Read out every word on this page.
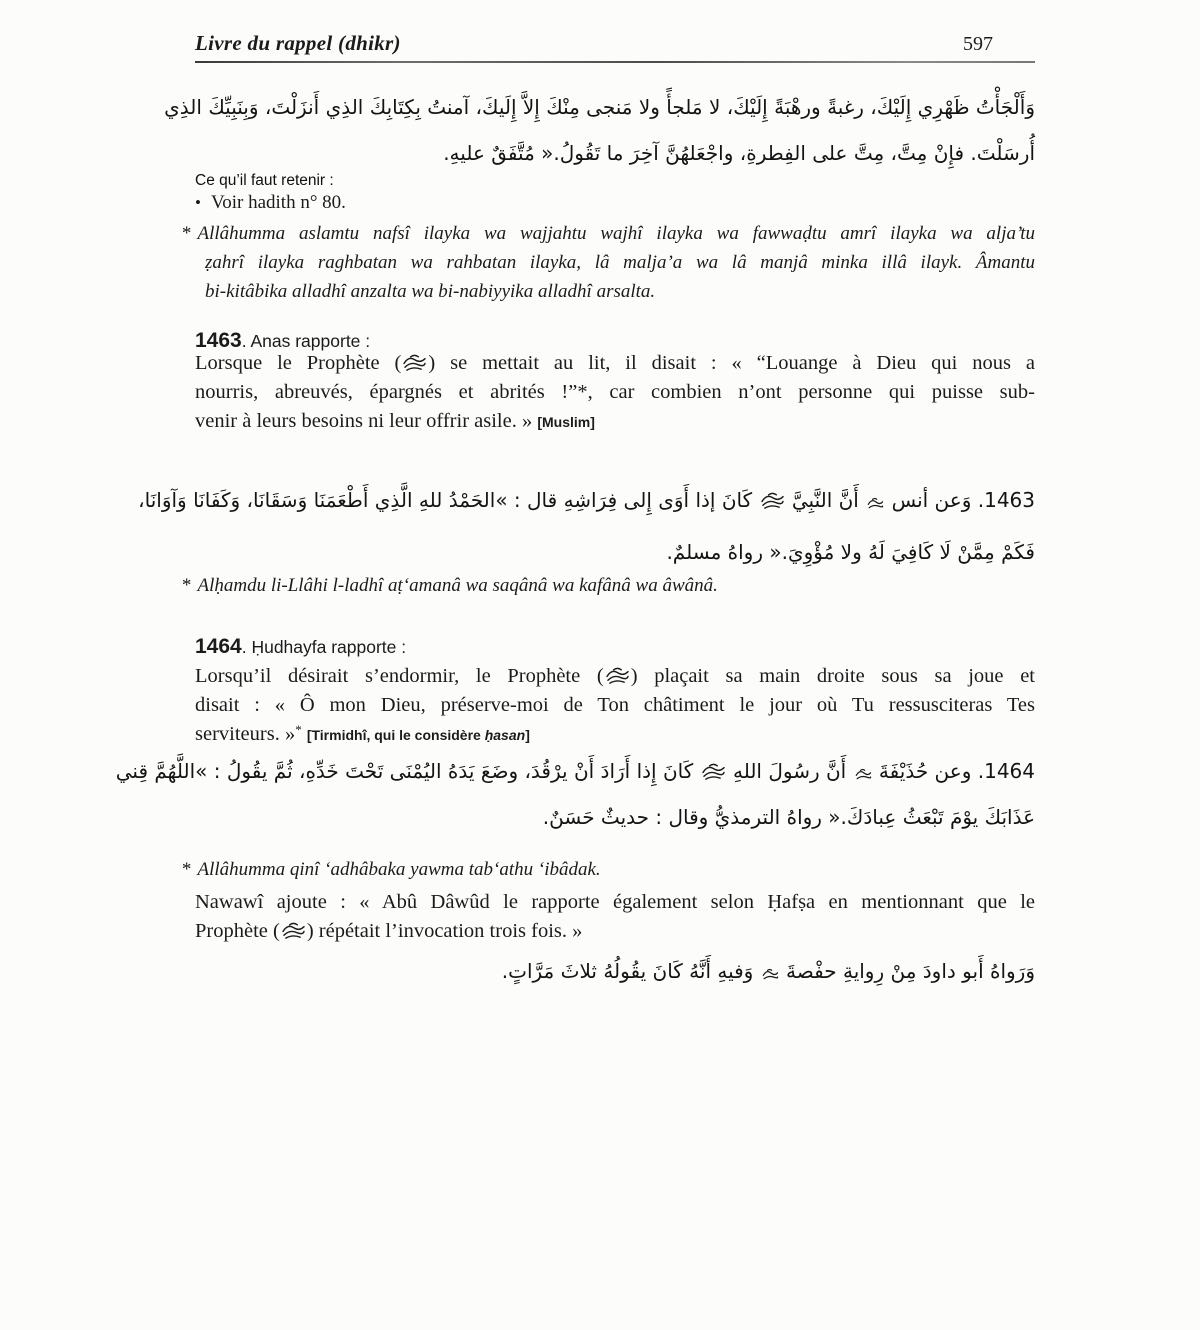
Livre du rappel (dhikr)	597
وَأَلْجَأْتُ ظَهْرِي إِلَيْكَ، رغبةً ورهْبَةً إِلَيْكَ، لا مَلجأً ولا مَنجى مِنْكَ إِلاَّ إِلَيكَ، آمنتُ بِكِتَابِكَ الذِي أَنزَلْتَ، وَبِنَبِيِّكَ الذِي
أُرسَلْتَ. فإِنْ مِتَّ، مِتَّ على الفِطرةِ، واجْعَلهُنَّ آخِرَ ما تَقُولُ.« مُتَّفَقٌ عليهِ.
Ce qu’il faut retenir :
• Voir hadith n° 80.
* Allâhumma aslamtu nafsî ilayka wa wajjahtu wajhî ilayka wa fawwaḍtu amrî ilayka wa alja’tu
ẓahrî ilayka raghbatan wa rahbatan ilayka, lâ malja’a wa lâ manjâ minka illâ ilayk. Âmantu
bi-kitâbika alladhî anzalta wa bi-nabiyyika alladhî arsalta.
1463. Anas rapporte :
Lorsque le Prophète ( ) se mettait au lit, il disait : « “Louange à Dieu qui nous a
nourris, abreuvés, épargnés et abrités !”*, car combien n’ont personne qui puisse sub-
venir à leurs besoins ni leur offrir asile. » [Muslim]
1463. وَعن أنس
أَنَّ النَّبِيَّ
كَانَ إذا أَوَى إِلى فِرَاشِهِ قال : »الحَمْدُ للهِ الَّذِي أَطْعَمَنَا وَسَقَانَا، وَكَفَانَا وَآوَانَا،
فَكَمْ مِمَّنْ لَا كَافِيَ لَهُ ولا مُؤْوِيَ.« رواهُ مسلمٌ.
* Alḥamdu li-Llâhi l-ladhî aṭ‘amanâ wa saqânâ wa kafânâ wa âwânâ.
1464. Ḥudhayfa rapporte :
Lorsqu’il désirait s’endormir, le Prophète ( ) plaçait sa main droite sous sa joue et
disait : « Ô mon Dieu, préserve-moi de Ton châtiment le jour où Tu ressusciteras Tes
serviteurs. »* [Tirmidhî, qui le considère ḥasan]
1464. وعن حُذَيْفَةَ
أَنَّ رسُولَ اللهِ
كَانَ إِذا أَرَادَ أَنْ يرْقُدَ، وضَعَ يَدَهُ اليُمْنَى تَحْتَ خَدِّهِ، ثُمَّ يقُولُ : »اللَّهُمَّ قِني
عَذَابَكَ يوْمَ تَبْعَثُ عِبادَكَ.« رواهُ الترمذيُّ وقال : حديثٌ حَسَنٌ.
* Allâhumma qinî ‘adhâbaka yawma tab‘athu ‘ibâdak.
Nawawî ajoute : « Abû Dâwûd le rapporte également selon Ḥafṣa en mentionnant que le
Prophète ( ) répétait l’invocation trois fois. »
وَرَواهُ أَبو داودَ مِنْ رِوايةِ حفْصةَ
وَفيهِ أَنَّهُ كَانَ يقُولُهُ ثلاثَ مَرَّاتٍ.
